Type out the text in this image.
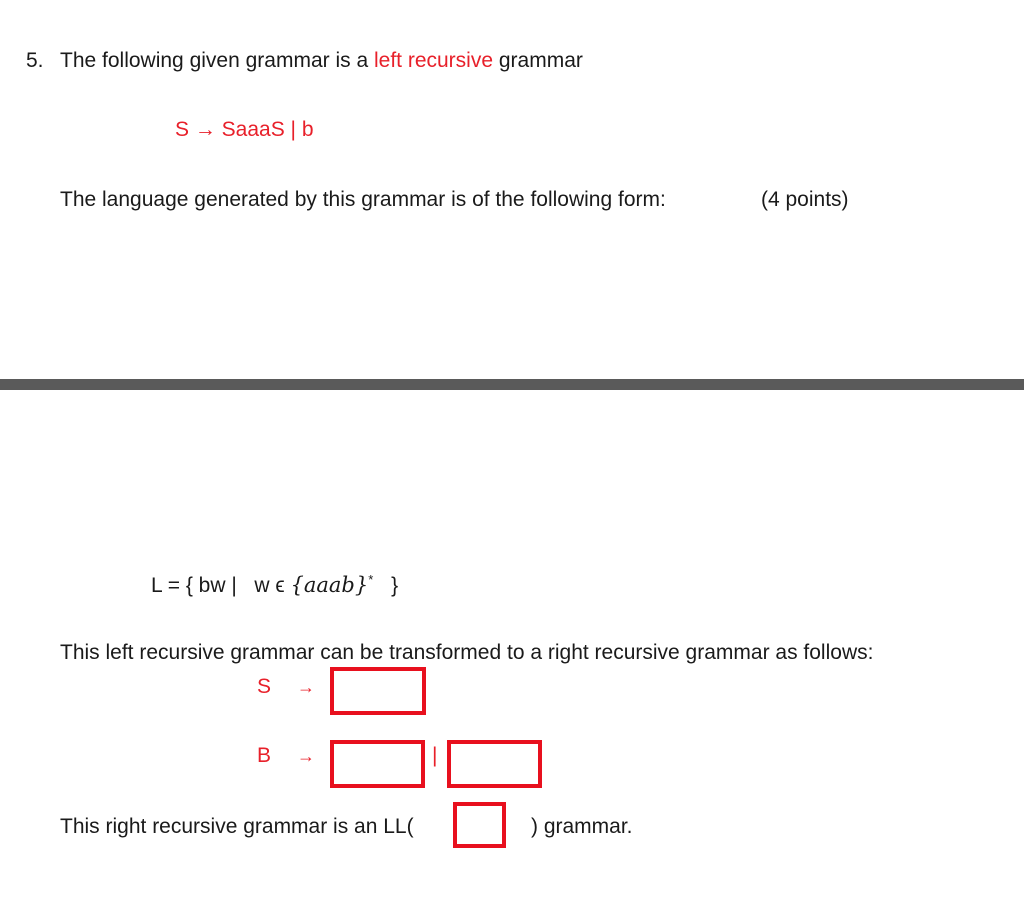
5. The following given grammar is a left recursive grammar
S → SaaaS | b
The language generated by this grammar is of the following form:	(4 points)
L = { bw |   w ϵ {aaab}* }
This left recursive grammar can be transformed to a right recursive grammar as follows:
S →
B →	|
This right recursive grammar is an LL(	) grammar.
